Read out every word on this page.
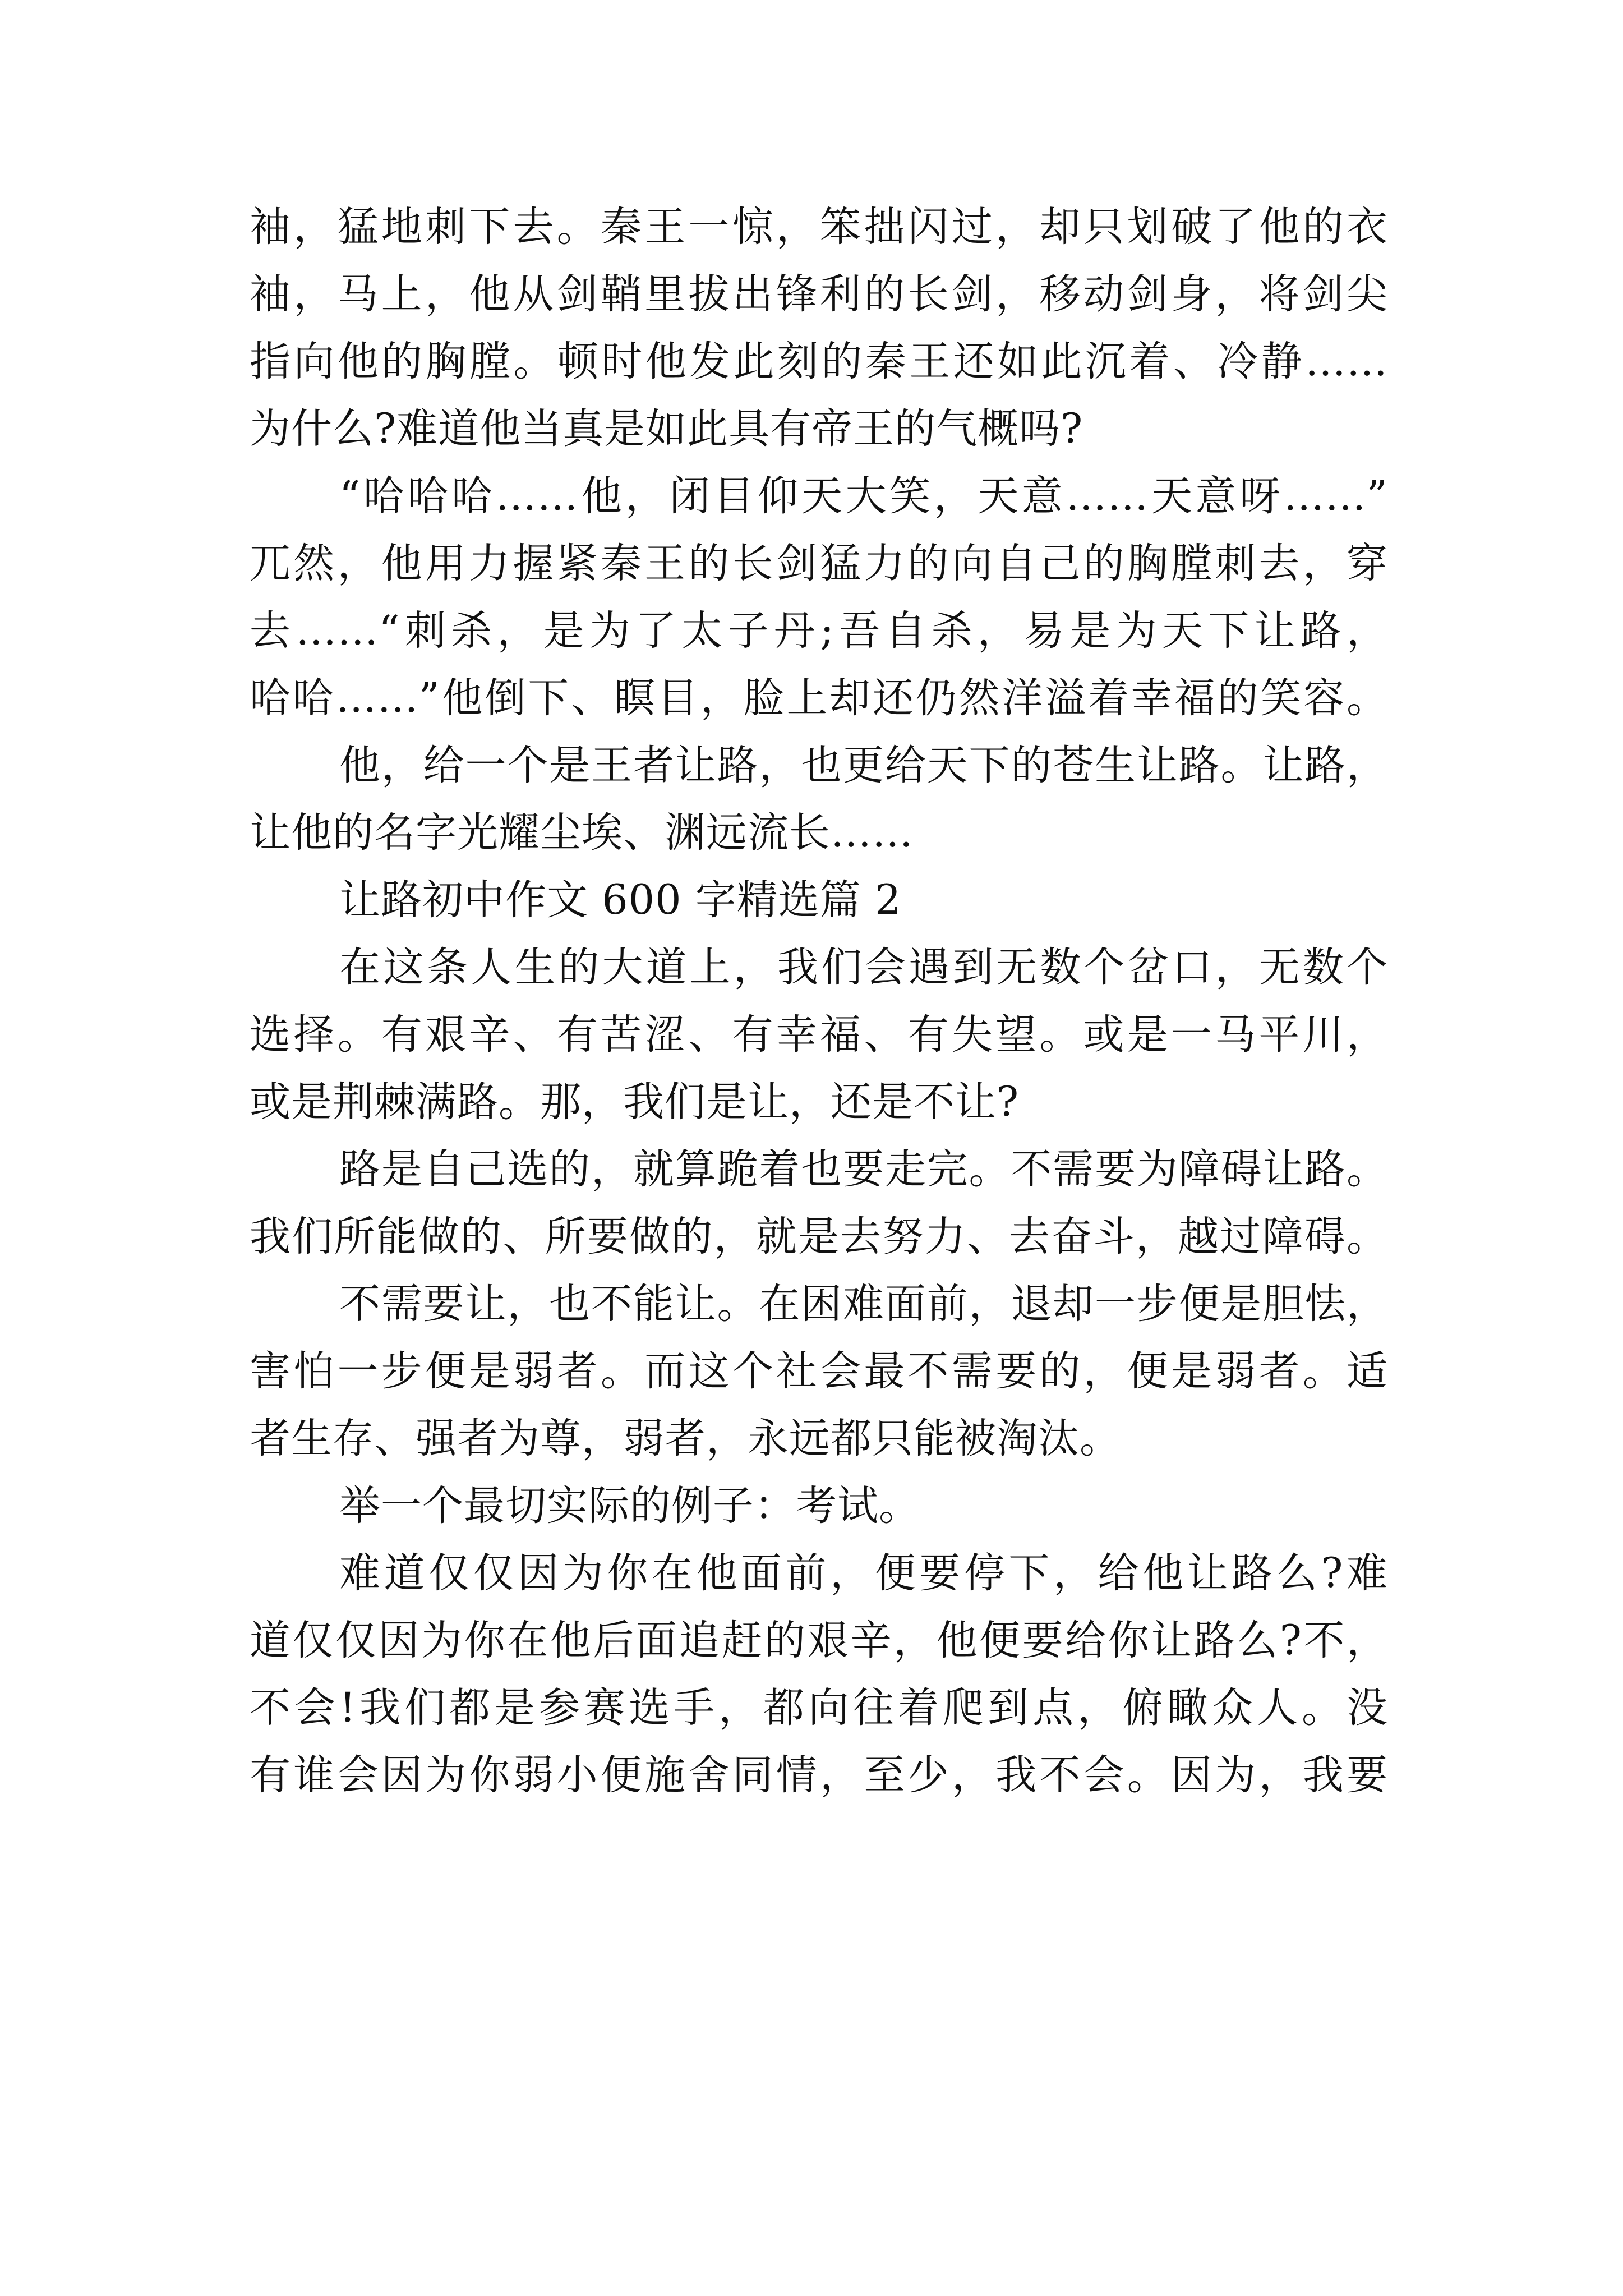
袖，猛地刺下去。秦王一惊，笨拙闪过，却只划破了他的衣
袖，马上，他从剑鞘里拔出锋利的长剑，移动剑身，将剑尖
指向他的胸膛。顿时他发此刻的秦王还如此沉着、冷静……
为什么?难道他当真是如此具有帝王的气概吗?
“哈哈哈……他，闭目仰天大笑，天意……天意呀……”
兀然，他用力握紧秦王的长剑猛力的向自己的胸膛刺去，穿
去……“刺杀，是为了太子丹;吾自杀，易是为天下让路，
哈哈……”他倒下、瞑目，脸上却还仍然洋溢着幸福的笑容。
他，给一个是王者让路，也更给天下的苍生让路。让路，
让他的名字光耀尘埃、渊远流长……
让路初中作文 600 字精选篇 2
在这条人生的大道上，我们会遇到无数个岔口，无数个
选择。有艰辛、有苦涩、有幸福、有失望。或是一马平川，
或是荆棘满路。那，我们是让，还是不让?
路是自己选的，就算跪着也要走完。不需要为障碍让路。
我们所能做的、所要做的，就是去努力、去奋斗，越过障碍。
不需要让，也不能让。在困难面前，退却一步便是胆怯，
害怕一步便是弱者。而这个社会最不需要的，便是弱者。适
者生存、强者为尊，弱者，永远都只能被淘汰。
举一个最切实际的例子：考试。
难道仅仅因为你在他面前，便要停下，给他让路么?难
道仅仅因为你在他后面追赶的艰辛，他便要给你让路么?不，
不会!我们都是参赛选手，都向往着爬到点，俯瞰众人。没
有谁会因为你弱小便施舍同情，至少，我不会。因为，我要
